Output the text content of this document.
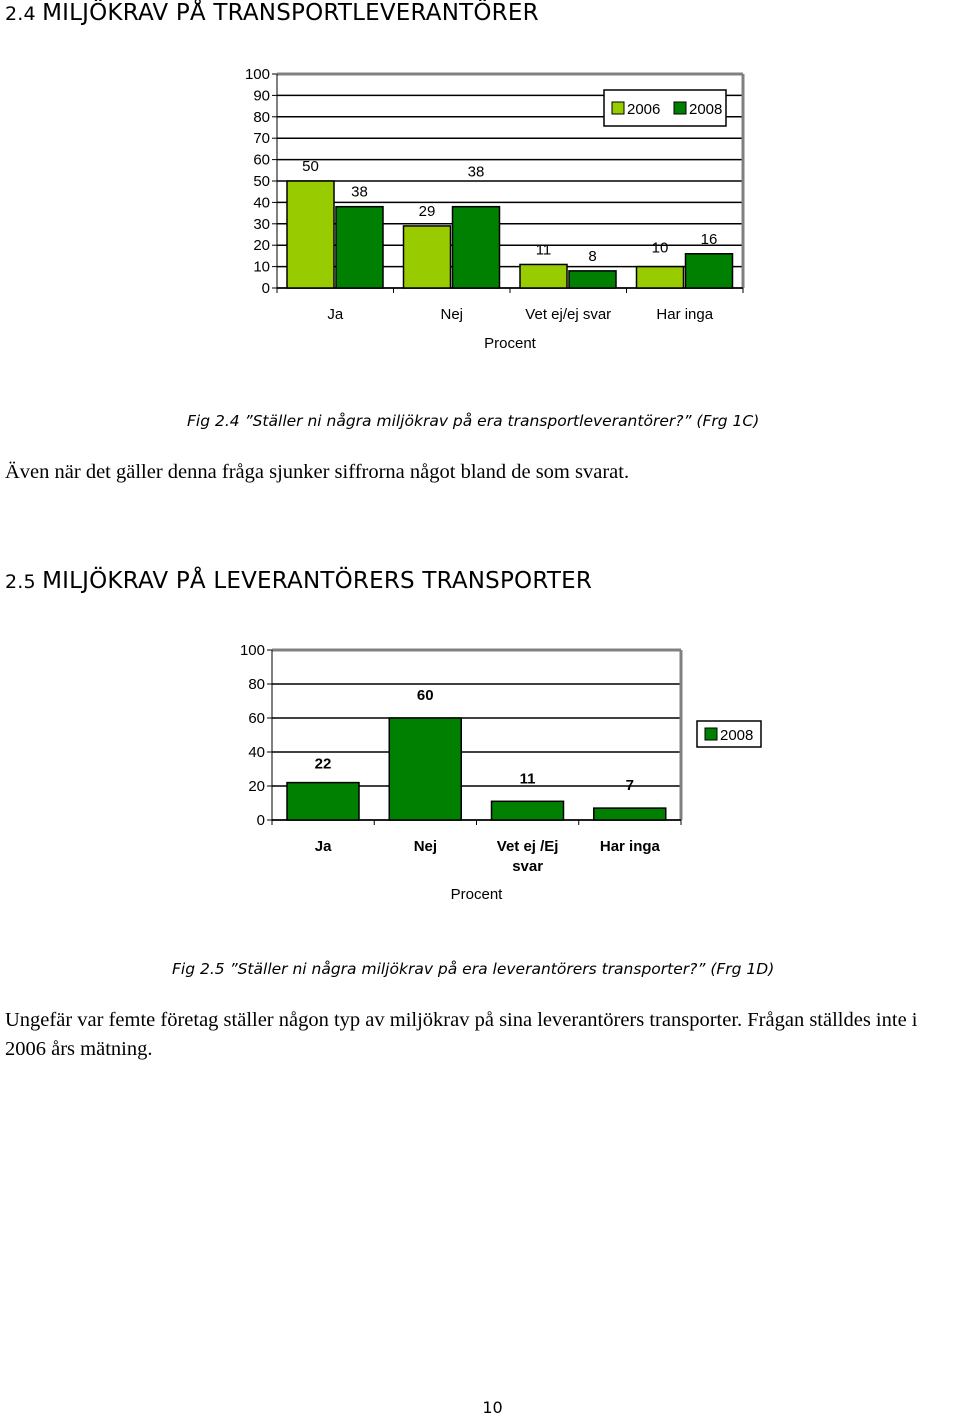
2.4 MILJÖKRAV PÅ TRANSPORTLEVERANTÖRER
0
10
20
30
40
50
60
70
80
90
100
50
29
11	10
38
38
8
16
Ja	Nej	Vet ej/ej svar	Har inga
Procent
2006 2008

Fig 2.4 ”Ställer ni några miljökrav på era transportleverantörer?” (Frg 1C)

Även när det gäller denna fråga sjunker siffrorna något bland de som svarat.

2.5 MILJÖKRAV PÅ LEVERANTÖRERS TRANSPORTER
0
20
40
60
80
100
22
60
11	7
Ja	Nej	Vet ej /Ej
svar
Har inga
Procent
2008

Fig 2.5 ”Ställer ni några miljökrav på era leverantörers transporter?” (Frg 1D)

Ungefär var femte företag ställer någon typ av miljökrav på sina leverantörers transporter. Frågan ställdes inte i 2006 års mätning.

10
